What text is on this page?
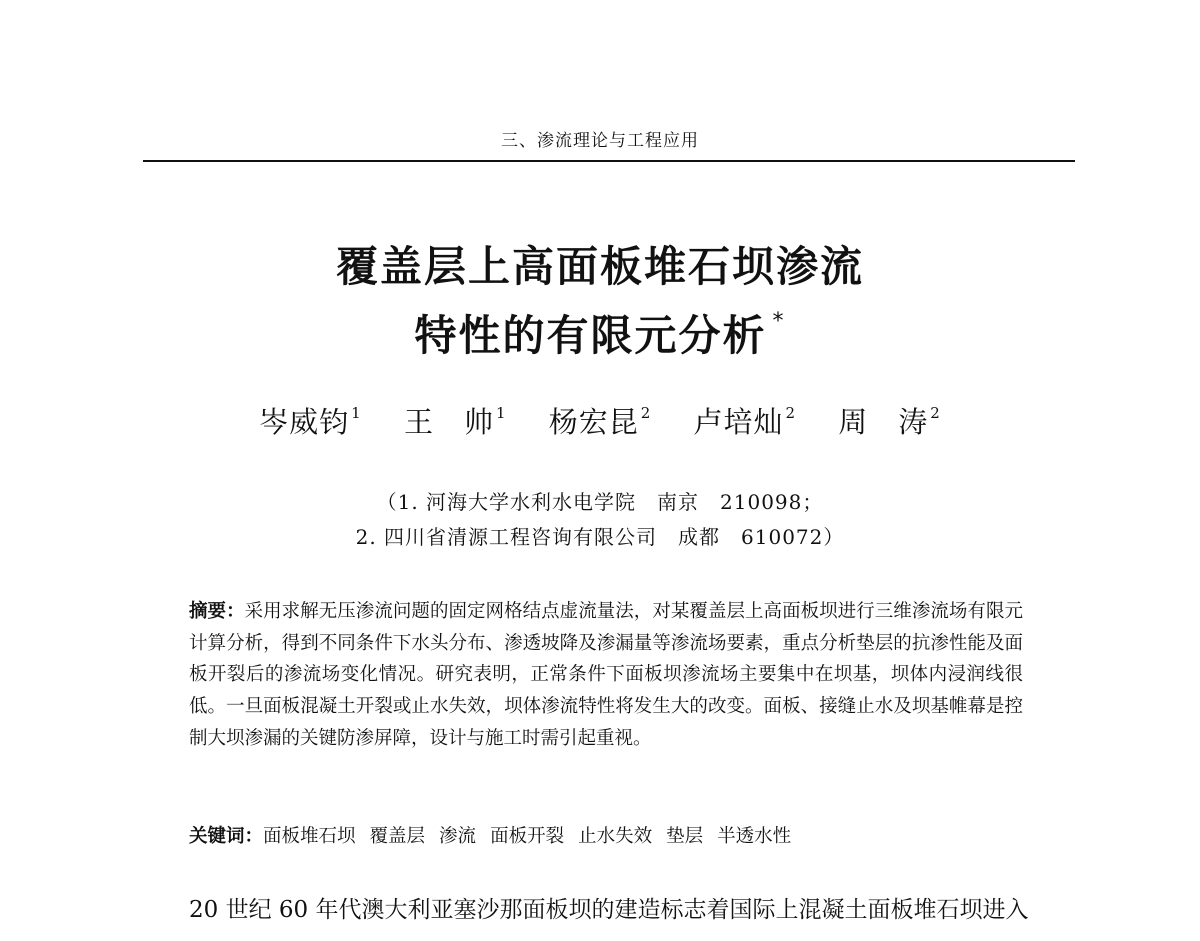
三、渗流理论与工程应用
覆盖层上高面板堆石坝渗流
特性的有限元分析 *
岑威钧 $^1$ 王　帅 $^1$ 杨宏昆 $^2$ 卢培灿 $^2$ 周　涛 $^2$
（1. 河海大学水利水电学院　南京　210098；
2. 四川省清源工程咨询有限公司　成都　610072）
摘要：采用求解无压渗流问题的固定网格结点虚流量法，对某覆盖层上高面板坝进行三维渗流场有限元计算分析，得到不同条件下水头分布、渗透坡降及渗漏量等渗流场要素，重点分析垫层的抗渗性能及面板开裂后的渗流场变化情况。研究表明，正常条件下面板坝渗流场主要集中在坝基，坝体内浸润线很低。一旦面板混凝土开裂或止水失效，坝体渗流特性将发生大的改变。面板、接缝止水及坝基帷幕是控制大坝渗漏的关键防渗屏障，设计与施工时需引起重视。
关键词：面板堆石坝 覆盖层 渗流 面板开裂 止水失效 垫层 半透水性
20 世纪 60 年代澳大利亚塞沙那面板坝的建造标志着国际上混凝土面板堆石坝进入
